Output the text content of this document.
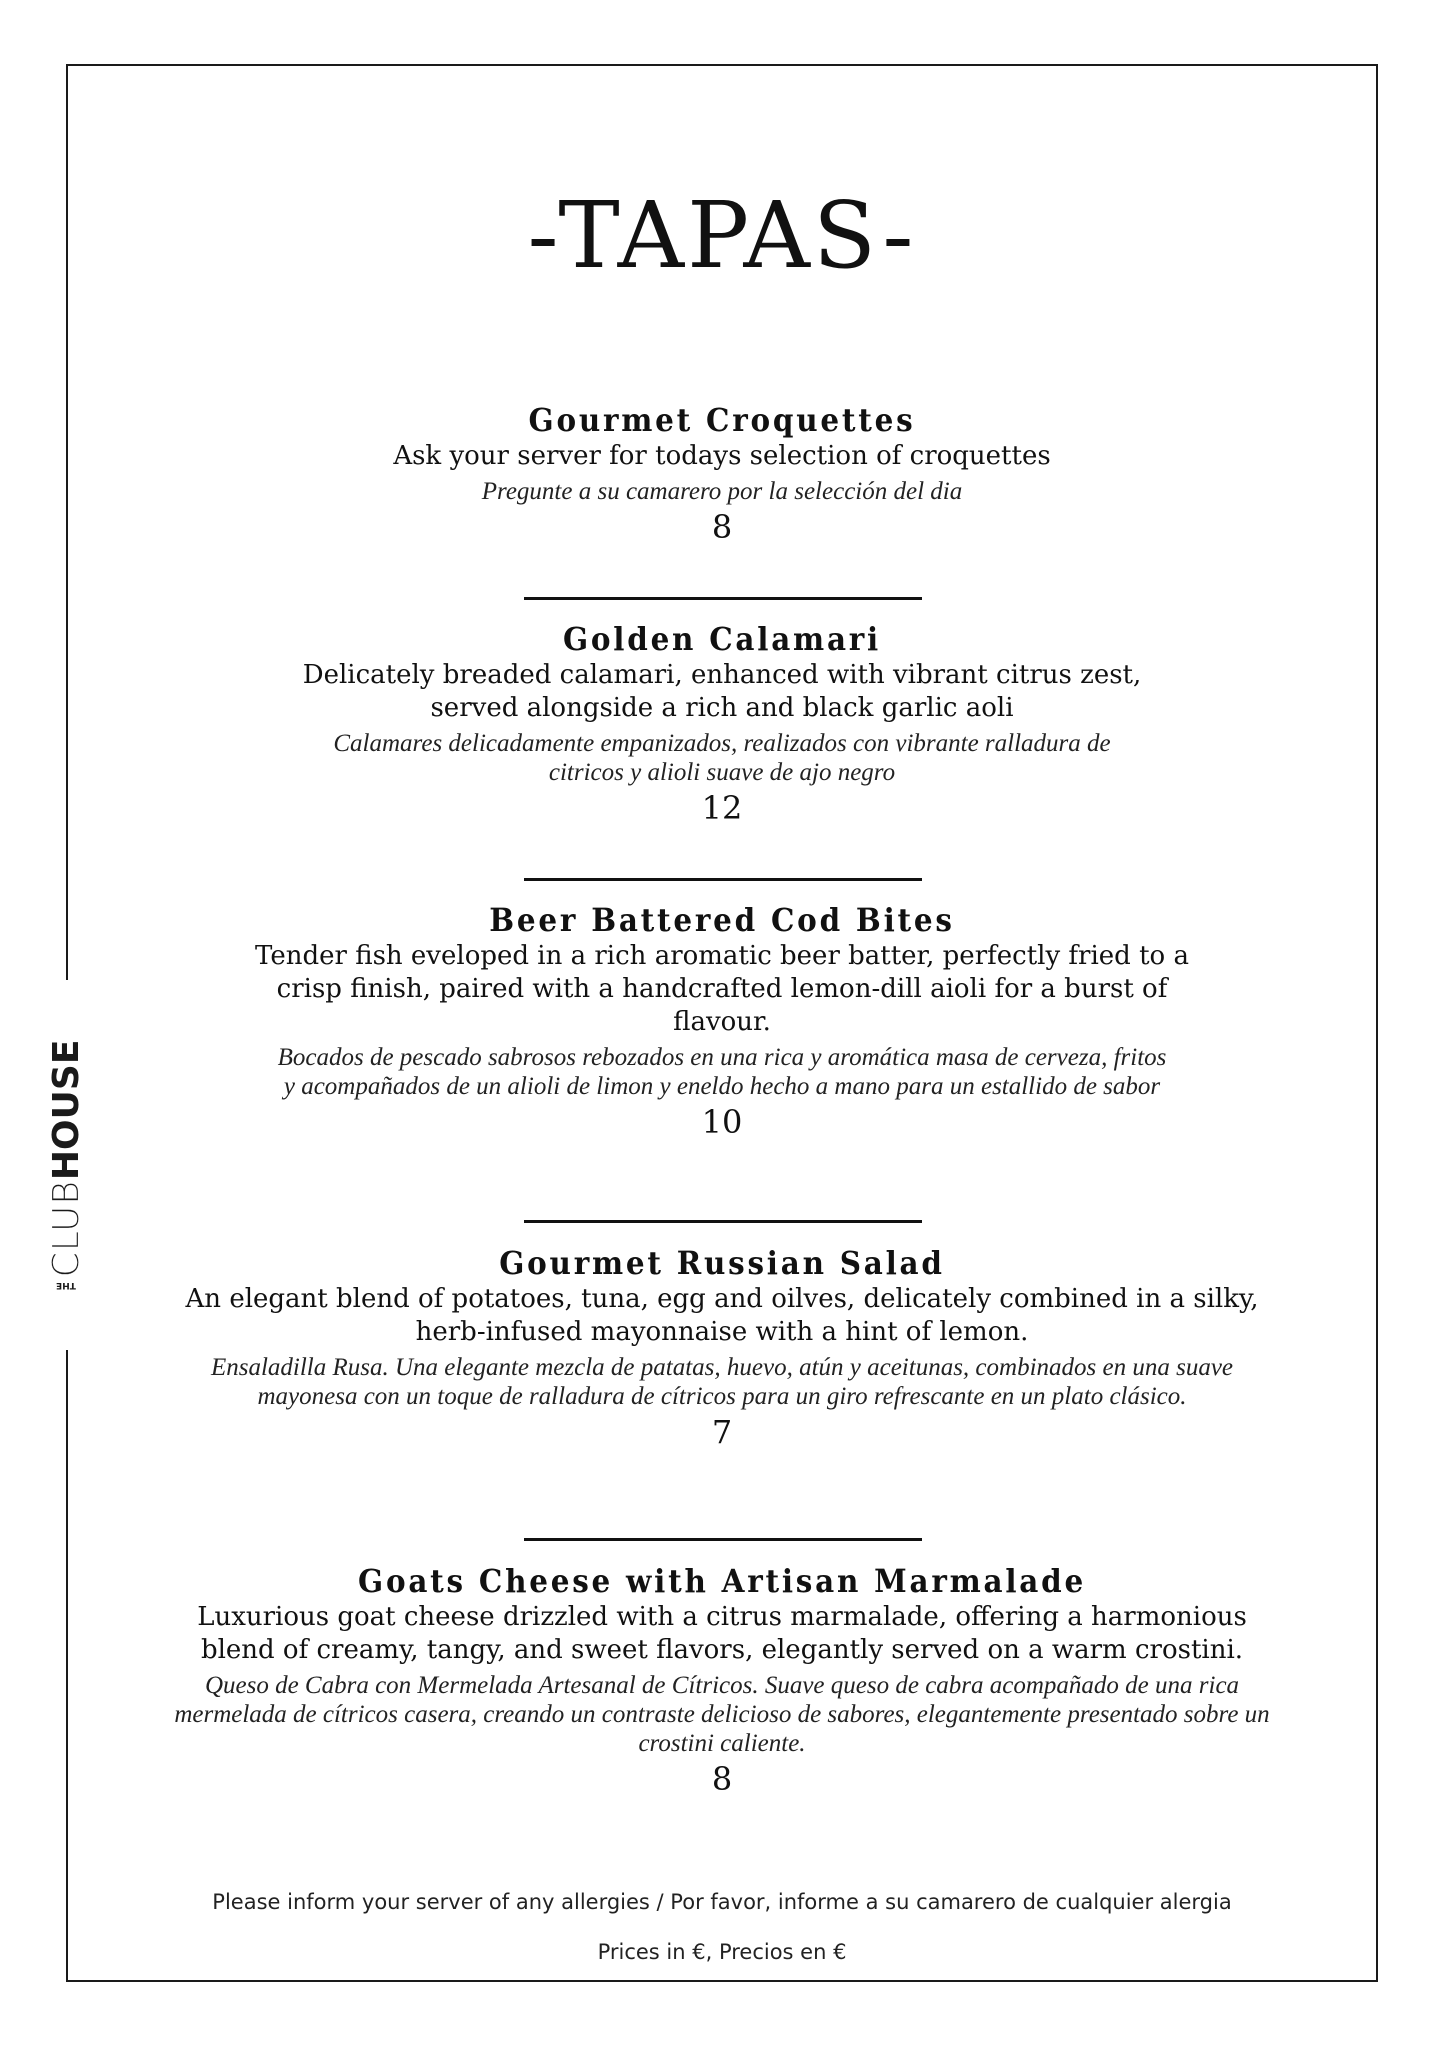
THE
CLUB
HOUSE
-TAPAS-
Gourmet Croquettes

Ask your server for todays selection of croquettes

Pregunte a su camarero por la selección del dia

8

Golden Calamari

Delicately breaded calamari, enhanced with vibrant citrus zest, served alongside a rich and black garlic aoli

Calamares delicadamente empanizados, realizados con vibrante ralladura de citricos y alioli suave de ajo negro

12

Beer Battered Cod Bites

Tender fish eveloped in a rich aromatic beer batter, perfectly fried to a crisp finish, paired with a handcrafted lemon-dill aioli for a burst of flavour.

Bocados de pescado sabrosos rebozados en una rica y aromática masa de cerveza, fritos y acompañados de un alioli de limon y eneldo hecho a mano para un estallido de sabor

10

Gourmet Russian Salad

An elegant blend of potatoes, tuna, egg and oilves, delicately combined in a silky, herb-infused mayonnaise with a hint of lemon.

Ensaladilla Rusa. Una elegante mezcla de patatas, huevo, atún y aceitunas, combinados en una suave mayonesa con un toque de ralladura de cítricos para un giro refrescante en un plato clásico.

7

Goats Cheese with Artisan Marmalade

Luxurious goat cheese drizzled with a citrus marmalade, offering a harmonious blend of creamy, tangy, and sweet flavors, elegantly served on a warm crostini.

Queso de Cabra con Mermelada Artesanal de Cítricos. Suave queso de cabra acompañado de una rica mermelada de cítricos casera, creando un contraste delicioso de sabores, elegantemente presentado sobre un crostini caliente.

8

Please inform your server of any allergies / Por favor, informe a su camarero de cualquier alergia
Prices in €, Precios en €
